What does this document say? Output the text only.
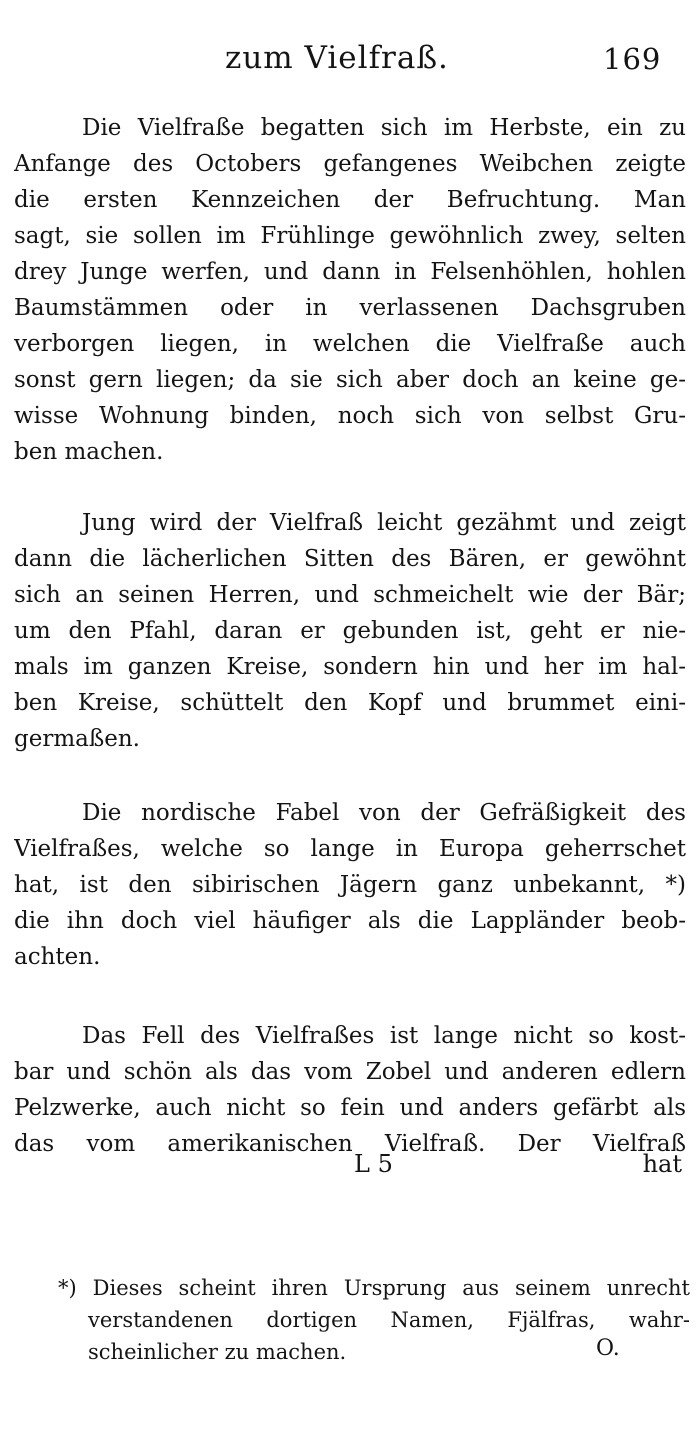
zum Vielfraß.	169
Die Vielfraße begatten sich im Herbste, ein zu
Anfange des Octobers gefangenes Weibchen zeigte
die ersten Kennzeichen der Befruchtung. Man
sagt, sie sollen im Frühlinge gewöhnlich zwey, selten
drey Junge werfen, und dann in Felsenhöhlen, hohlen
Baumstämmen oder in verlassenen Dachsgruben
verborgen liegen, in welchen die Vielfraße auch
sonst gern liegen; da sie sich aber doch an keine ge-
wisse Wohnung binden, noch sich von selbst Gru-
ben machen.
Jung wird der Vielfraß leicht gezähmt und zeigt
dann die lächerlichen Sitten des Bären, er gewöhnt
sich an seinen Herren, und schmeichelt wie der Bär;
um den Pfahl, daran er gebunden ist, geht er nie-
mals im ganzen Kreise, sondern hin und her im hal-
ben Kreise, schüttelt den Kopf und brummet eini-
germaßen.
Die nordische Fabel von der Gefräßigkeit des
Vielfraßes, welche so lange in Europa geherrschet
hat, ist den sibirischen Jägern ganz unbekannt, *)
die ihn doch viel häufiger als die Lappländer beob-
achten.
Das Fell des Vielfraßes ist lange nicht so kost-
bar und schön als das vom Zobel und anderen edlern
Pelzwerke, auch nicht so fein und anders gefärbt als
das vom amerikanischen Vielfraß. Der Vielfraß
L 5	hat
*) Dieses scheint ihren Ursprung aus seinem unrecht
verstandenen dortigen Namen, Fjälfras, wahr-
scheinlicher zu machen.	O.
